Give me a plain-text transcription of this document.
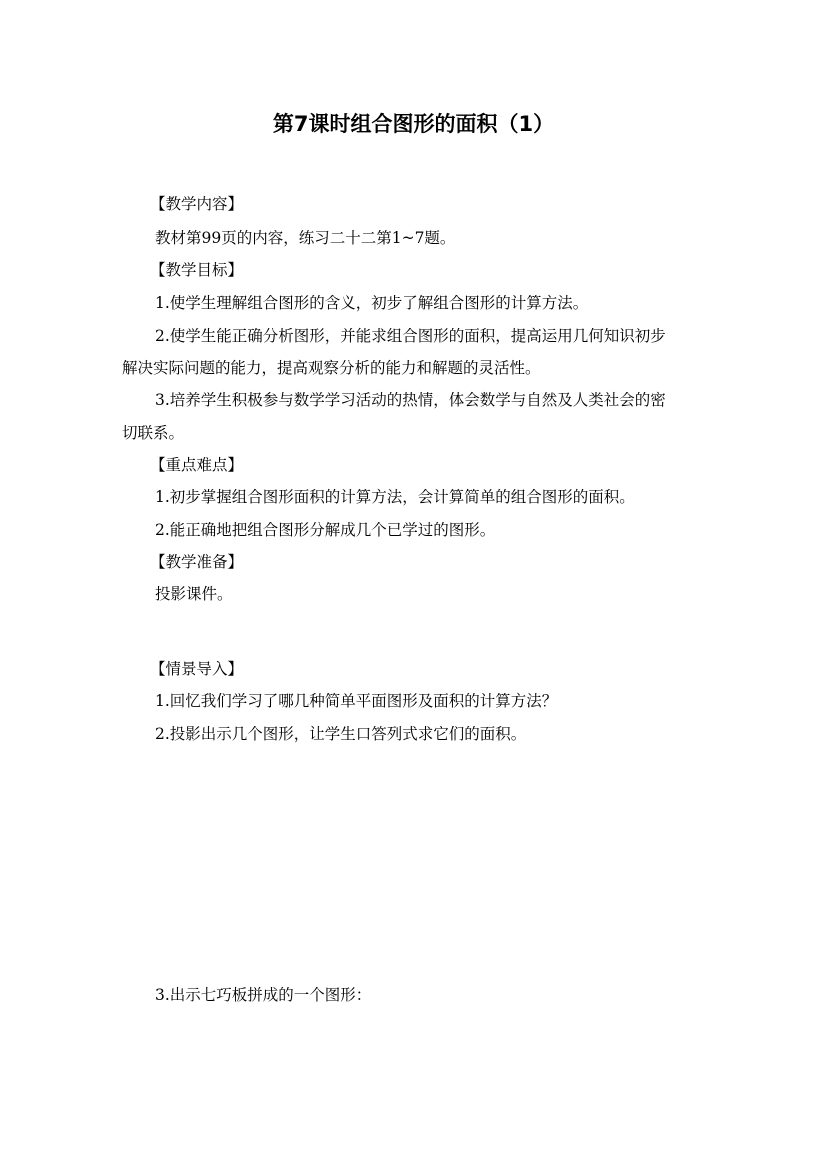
第7课时组合图形的面积（1）
【教学内容】
教材第99页的内容，练习二十二第1~7题。
【教学目标】
1.使学生理解组合图形的含义，初步了解组合图形的计算方法。
2.使学生能正确分析图形，并能求组合图形的面积，提高运用几何知识初步
解决实际问题的能力，提高观察分析的能力和解题的灵活性。
3.培养学生积极参与数学学习活动的热情，体会数学与自然及人类社会的密
切联系。
【重点难点】
1.初步掌握组合图形面积的计算方法，会计算简单的组合图形的面积。
2.能正确地把组合图形分解成几个已学过的图形。
【教学准备】
投影课件。
【情景导入】
1.回忆我们学习了哪几种简单平面图形及面积的计算方法？
2.投影出示几个图形，让学生口答列式求它们的面积。
3.出示七巧板拼成的一个图形：
